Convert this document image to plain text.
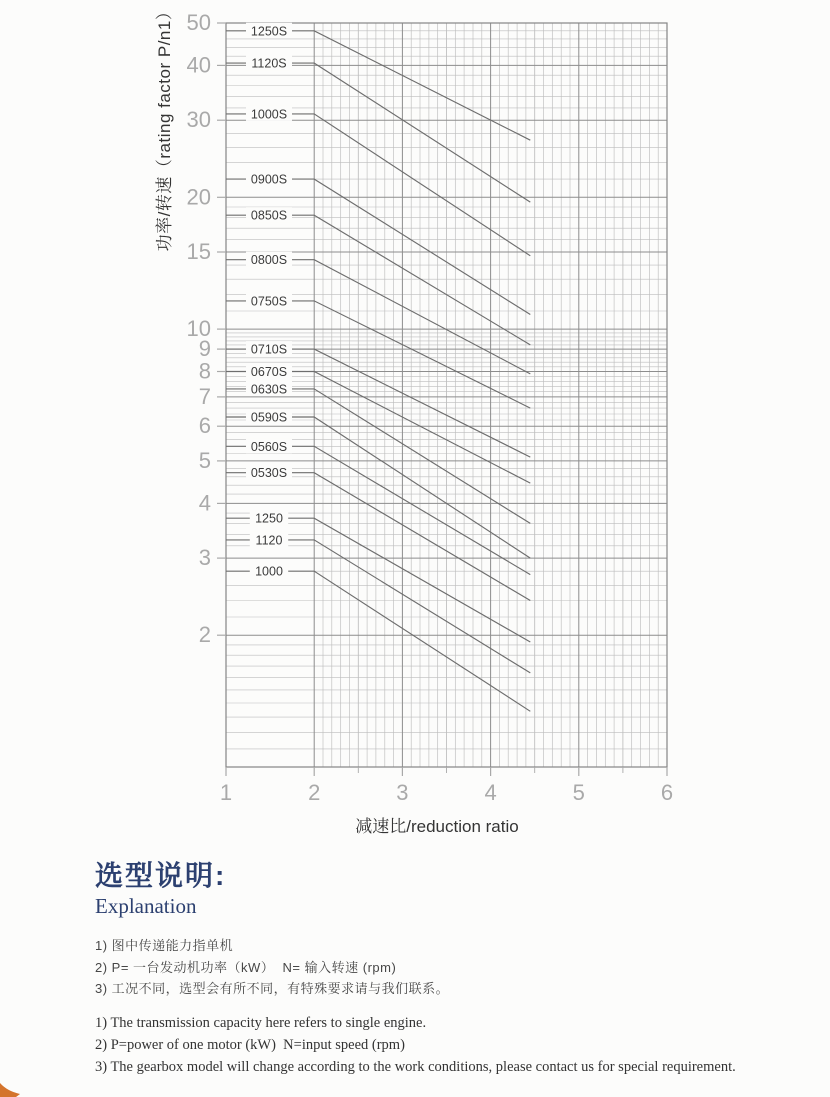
1	2	3	4	5	6
50
40
30
20
15
10
9
8
7
6
5
4
3
2
1250S
1120S
1000S
0900S
0850S
0800S
0750S
0710S
0670S
0630S
0590S
0560S
0530S
1250
1120
1000
功率/转速（rating factor P/n1）
减速比/reduction ratio
选型说明:
Explanation
1) 图中传递能力指单机
2) P= 一台发动机功率（kW）  N= 输入转速 (rpm)
3) 工况不同，选型会有所不同，有特殊要求请与我们联系。
1) The transmission capacity here refers to single engine.
2) P=power of one motor (kW)  N=input speed (rpm)
3) The gearbox model will change according to the work conditions, please contact us for special requirement.
